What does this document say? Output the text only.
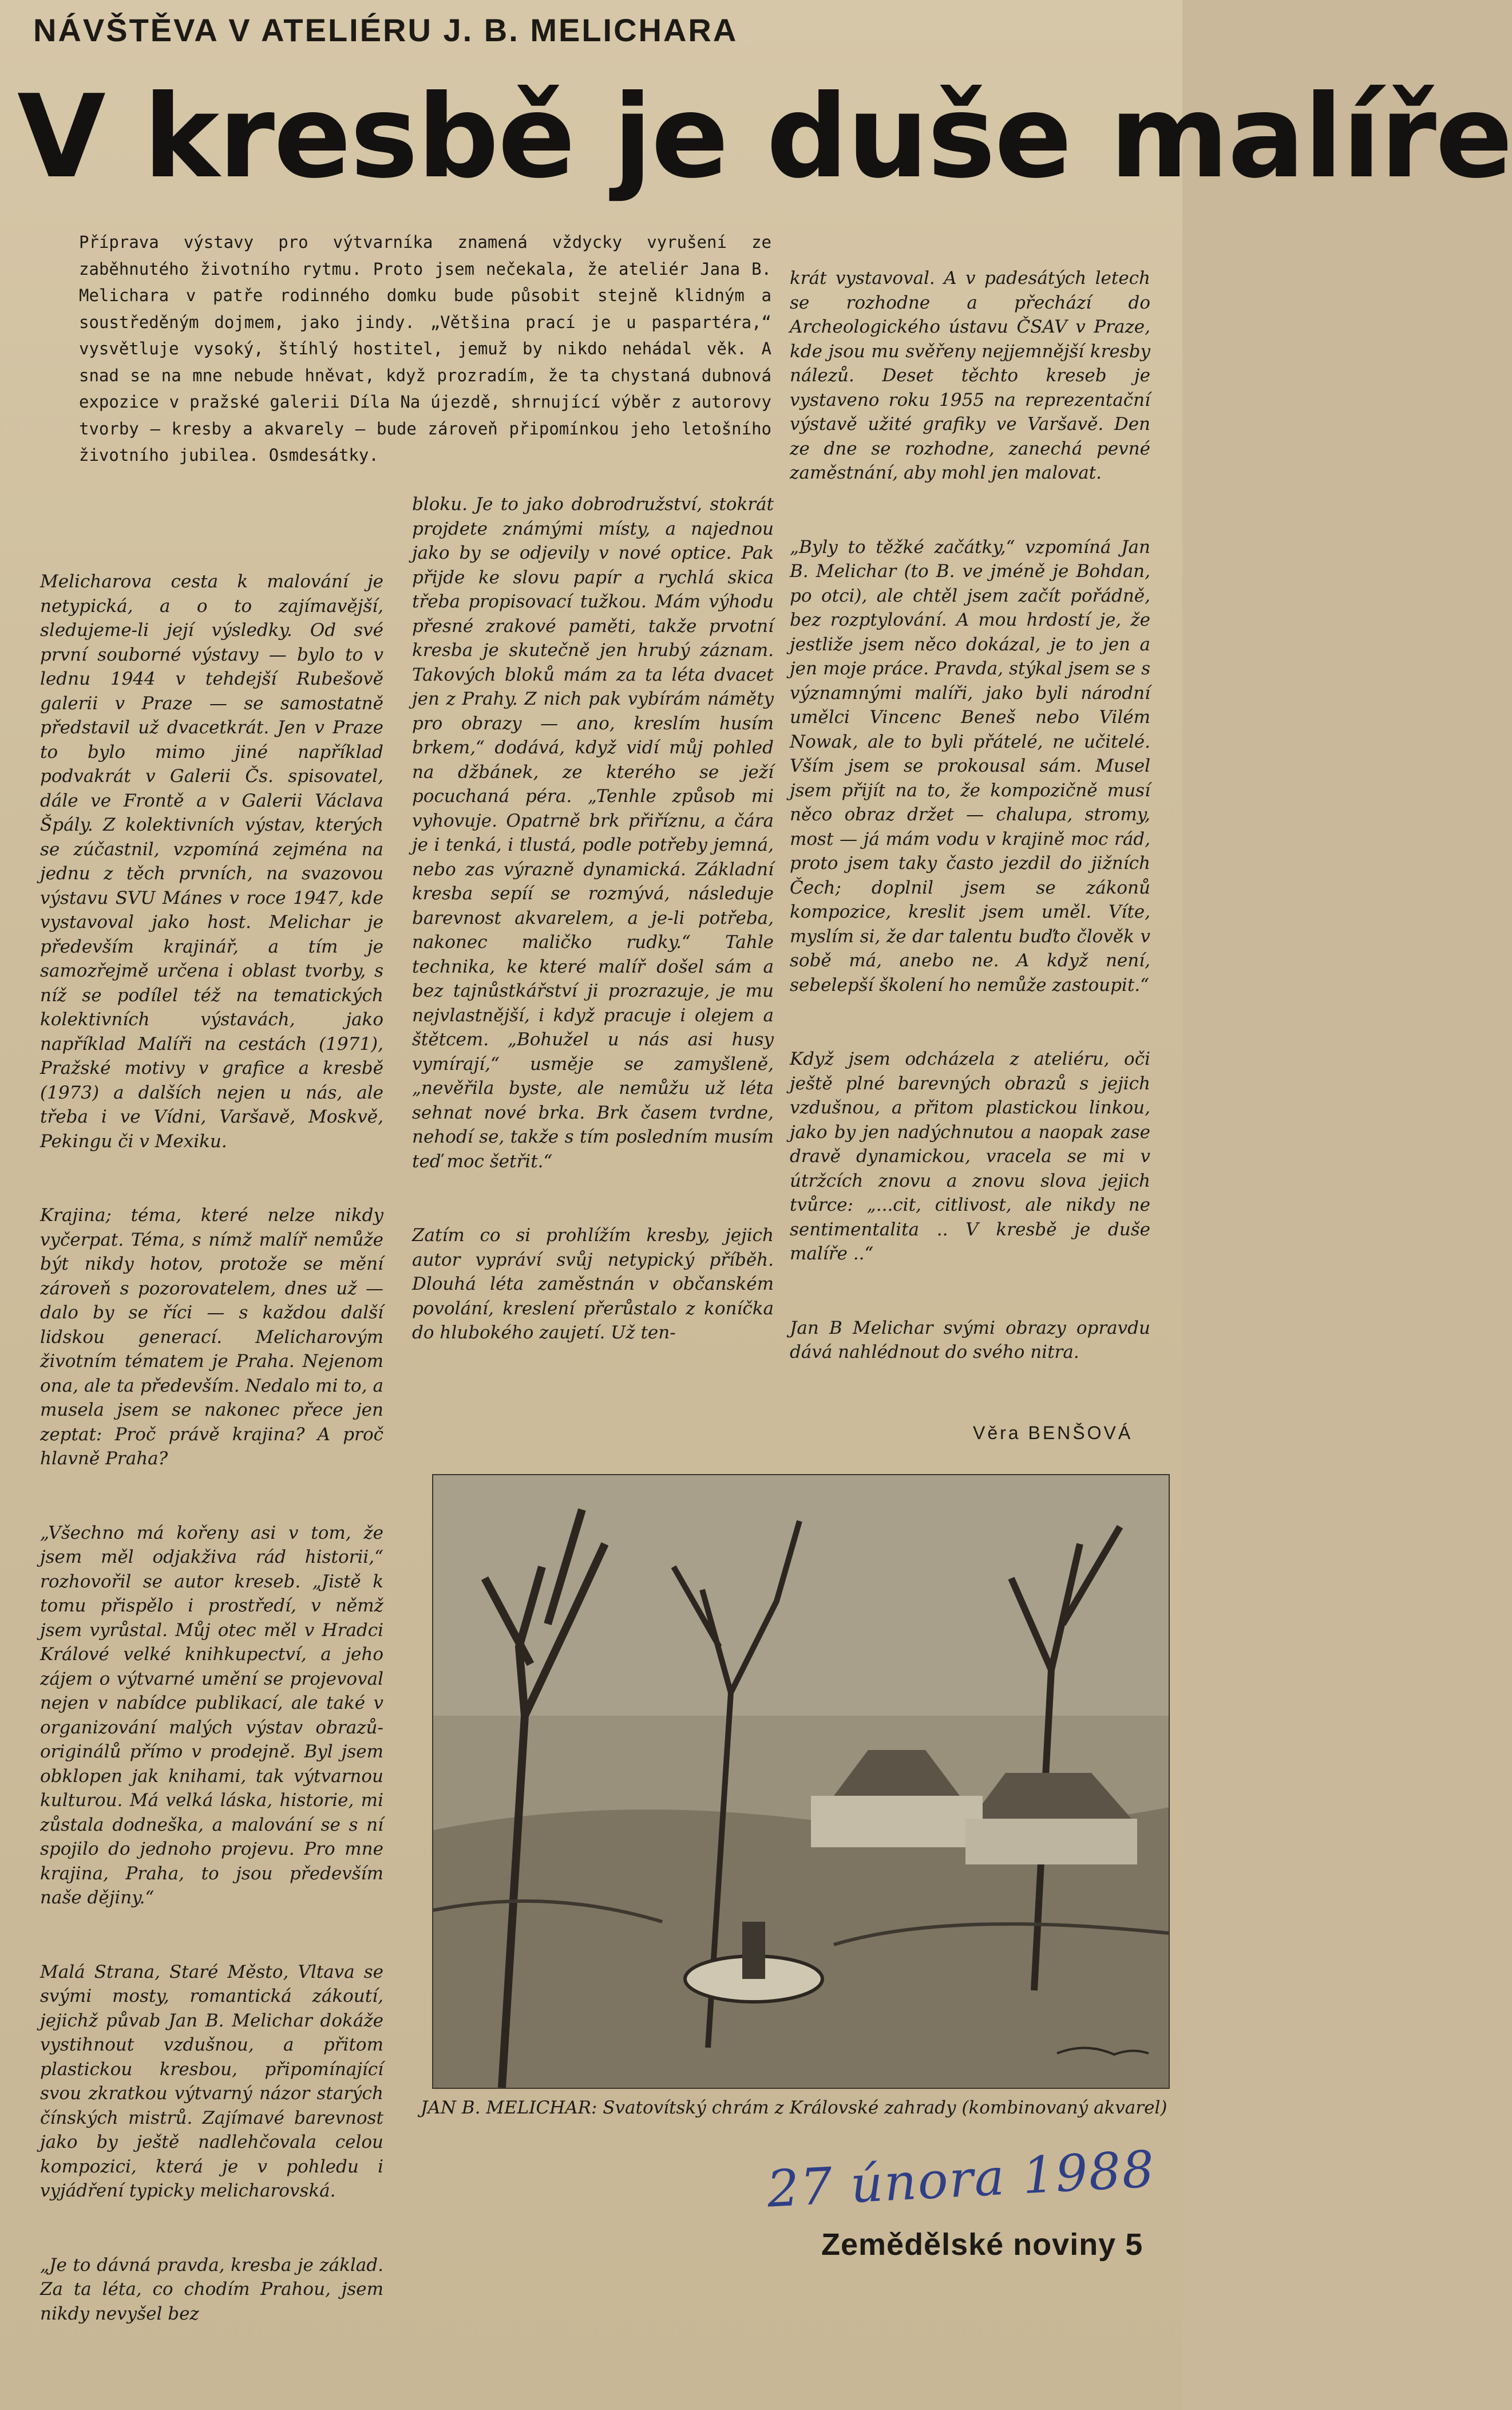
NÁVŠTĚVA V ATELIÉRU J. B. MELICHARA
V kresbě je duše malíře
Příprava výstavy pro výtvarníka znamená vždycky vyrušení ze zaběhnutého životního rytmu. Proto jsem nečekala, že ateliér Jana B. Melichara v patře rodinného domku bude působit stejně klidným a soustředěným dojmem, jako jindy. „Většina prací je u paspartéra,“ vysvětluje vysoký, štíhlý hostitel, jemuž by nikdo nehádal věk. A snad se na mne nebude hněvat, když prozradím, že ta chystaná dubnová expozice v pražské galerii Díla Na újezdě, shrnující výběr z autorovy tvorby — kresby a akvarely — bude zároveň připomínkou jeho letošního životního jubilea. Osmdesátky.

Melicharova cesta k malování je netypická, a o to zajímavější, sledujeme-li její výsledky. Od své první souborné výstavy — bylo to v lednu 1944 v tehdejší Rubešově galerii v Praze — se samostatně představil už dvacetkrát. Jen v Praze to bylo mimo jiné například podvakrát v Galerii Čs. spisovatel, dále ve Frontě a v Galerii Václava Špály. Z kolektivních výstav, kterých se zúčastnil, vzpomíná zejména na jednu z těch prvních, na svazovou výstavu SVU Mánes v roce 1947, kde vystavoval jako host. Melichar je především krajinář, a tím je samozřejmě určena i oblast tvorby, s níž se podílel též na tematických kolektivních výstavách, jako například Malíři na cestách (1971), Pražské motivy v grafice a kresbě (1973) a dalších nejen u nás, ale třeba i ve Vídni, Varšavě, Moskvě, Pekingu či v Mexiku.

Krajina; téma, které nelze nikdy vyčerpat. Téma, s nímž malíř nemůže být nikdy hotov, protože se mění zároveň s pozorovatelem, dnes už — dalo by se říci — s každou další lidskou generací. Melicharovým životním tématem je Praha. Nejenom ona, ale ta především. Nedalo mi to, a musela jsem se nakonec přece jen zeptat: Proč právě krajina? A proč hlavně Praha?

„Všechno má kořeny asi v tom, že jsem měl odjakživa rád historii,“ rozhovořil se autor kreseb. „Jistě k tomu přispělo i prostředí, v němž jsem vyrůstal. Můj otec měl v Hradci Králové velké knihkupectví, a jeho zájem o výtvarné umění se projevoval nejen v nabídce publikací, ale také v organizování malých výstav obrazů-originálů přímo v prodejně. Byl jsem obklopen jak knihami, tak výtvarnou kulturou. Má velká láska, historie, mi zůstala dodneška, a malování se s ní spojilo do jednoho projevu. Pro mne krajina, Praha, to jsou především naše dějiny.“

Malá Strana, Staré Město, Vltava se svými mosty, romantická zákoutí, jejichž půvab Jan B. Melichar dokáže vystihnout vzdušnou, a přitom plastickou kresbou, připomínající svou zkratkou výtvarný názor starých čínských mistrů. Zajímavé barevnost jako by ještě nadlehčovala celou kompozici, která je v pohledu i vyjádření typicky melicharovská.

„Je to dávná pravda, kresba je základ. Za ta léta, co chodím Prahou, jsem nikdy nevyšel bez

bloku. Je to jako dobrodružství, stokrát projdete známými místy, a najednou jako by se odjevily v nové optice. Pak přijde ke slovu papír a rychlá skica třeba propisovací tužkou. Mám výhodu přesné zrakové paměti, takže prvotní kresba je skutečně jen hrubý záznam. Takových bloků mám za ta léta dvacet jen z Prahy. Z nich pak vybírám náměty pro obrazy — ano, kreslím husím brkem,“ dodává, když vidí můj pohled na džbánek, ze kterého se ježí pocuchaná péra. „Tenhle způsob mi vyhovuje. Opatrně brk přiříznu, a čára je i tenká, i tlustá, podle potřeby jemná, nebo zas výrazně dynamická. Základní kresba sepíí se rozmývá, následuje barevnost akvarelem, a je-li potřeba, nakonec maličko rudky.“ Tahle technika, ke které malíř došel sám a bez tajnůstkářství ji prozrazuje, je mu nejvlastnější, i když pracuje i olejem a štětcem. „Bohužel u nás asi husy vymírají,“ usměje se zamyšleně, „nevěřila byste, ale nemůžu už léta sehnat nové brka. Brk časem tvrdne, nehodí se, takže s tím posledním musím teď moc šetřit.“

Zatím co si prohlížím kresby, jejich autor vypráví svůj netypický příběh. Dlouhá léta zaměstnán v občanském povolání, kreslení přerůstalo z koníčka do hlubokého zaujetí. Už ten-

krát vystavoval. A v padesátých letech se rozhodne a přechází do Archeologického ústavu ČSAV v Praze, kde jsou mu svěřeny nejjemnější kresby nálezů. Deset těchto kreseb je vystaveno roku 1955 na reprezentační výstavě užité grafiky ve Varšavě. Den ze dne se rozhodne, zanechá pevné zaměstnání, aby mohl jen malovat.

„Byly to těžké začátky,“ vzpomíná Jan B. Melichar (to B. ve jméně je Bohdan, po otci), ale chtěl jsem začít pořádně, bez rozptylování. A mou hrdostí je, že jestliže jsem něco dokázal, je to jen a jen moje práce. Pravda, stýkal jsem se s významnými malíři, jako byli národní umělci Vincenc Beneš nebo Vilém Nowak, ale to byli přátelé, ne učitelé. Vším jsem se prokousal sám. Musel jsem přijít na to, že kompozičně musí něco obraz držet — chalupa, stromy, most — já mám vodu v krajině moc rád, proto jsem taky často jezdil do jižních Čech; doplnil jsem se zákonů kompozice, kreslit jsem uměl. Víte, myslím si, že dar talentu buďto člověk v sobě má, anebo ne. A když není, sebelepší školení ho nemůže zastoupit.“

Když jsem odcházela z ateliéru, oči ještě plné barevných obrazů s jejich vzdušnou, a přitom plastickou linkou, jako by jen nadýchnutou a naopak zase dravě dynamickou, vracela se mi v útržcích znovu a znovu slova jejich tvůrce: „...cit, citlivost, ale nikdy ne sentimentalita .. V kresbě je duše malíře ..“

Jan B Melichar svými obrazy opravdu dává nahlédnout do svého nitra.

Věra BENŠOVÁ
JAN B. MELICHAR: Svatovítský chrám z Královské zahrady (kombinovaný akvarel)
27 února 1988
Zemědělské noviny 5
